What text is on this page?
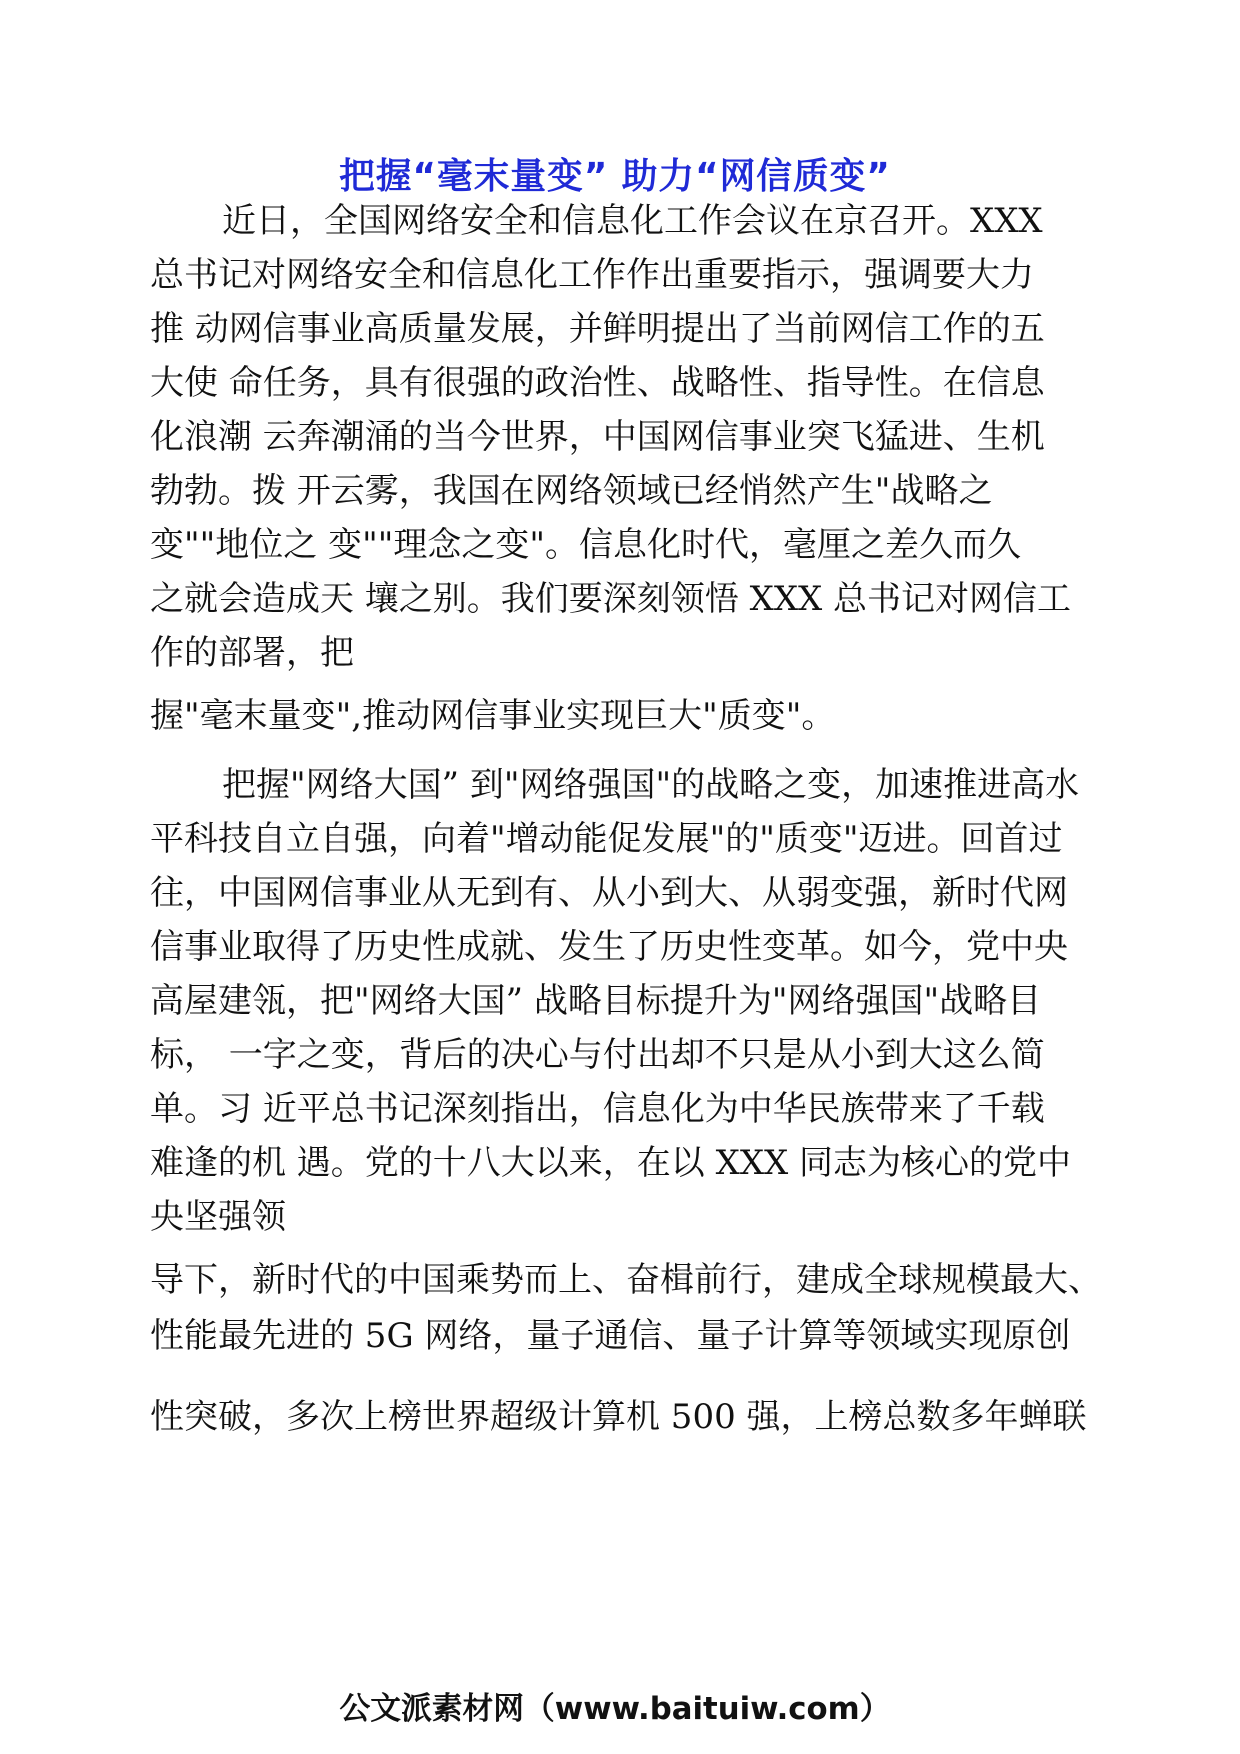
把握“毫末量变” 助力“网信质变”
近日，全国网络安全和信息化工作会议在京召开。XXX
总书记对网络安全和信息化工作作出重要指示，强调要大力
推 动网信事业高质量发展，并鲜明提出了当前网信工作的五
大使 命任务，具有很强的政治性、战略性、指导性。在信息
化浪潮 云奔潮涌的当今世界，中国网信事业突飞猛进、生机
勃勃。拨 开云雾，我国在网络领域已经悄然产生"战略之
变""地位之 变""理念之变"。信息化时代，毫厘之差久而久
之就会造成天 壤之别。我们要深刻领悟 XXX 总书记对网信工
作的部署，把
握"毫末量变",推动网信事业实现巨大"质变"。
把握"网络大国” 到"网络强国"的战略之变，加速推进高水
平科技自立自强，向着"增动能促发展"的"质变"迈进。回首过
往，中国网信事业从无到有、从小到大、从弱变强，新时代网
信事业取得了历史性成就、发生了历史性变革。如今，党中央
高屋建瓴，把"网络大国” 战略目标提升为"网络强国"战略目
标， 一字之变，背后的决心与付出却不只是从小到大这么简
单。习 近平总书记深刻指出，信息化为中华民族带来了千载
难逢的机 遇。党的十八大以来，在以 XXX 同志为核心的党中
央坚强领
导下，新时代的中国乘势而上、奋楫前行，建成全球规模最大、
性能最先进的 5G 网络，量子通信、量子计算等领域实现原创
性突破，多次上榜世界超级计算机 500 强，上榜总数多年蝉联
公文派素材网（www.baituiw.com）
